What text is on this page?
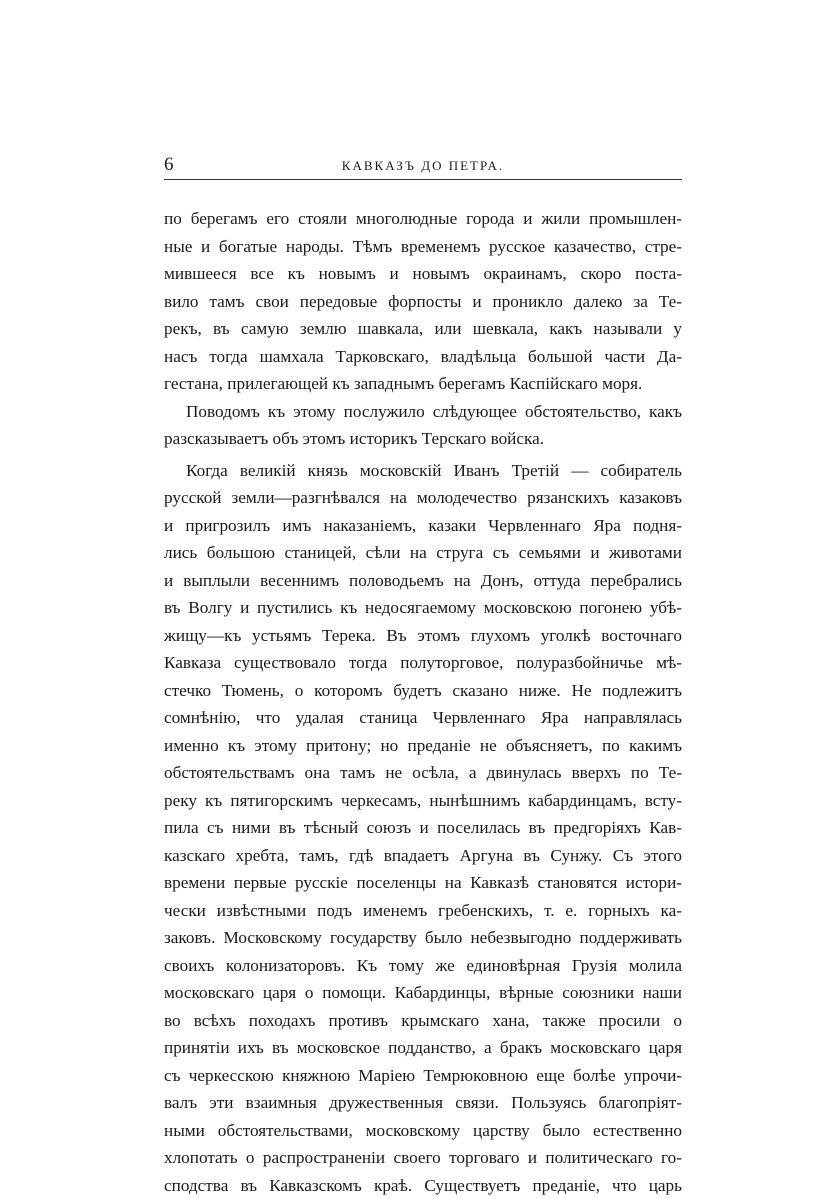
6	КАВКАЗЪ ДО ПЕТРА.
по берегамъ его стояли многолюдные города и жили промышлен-
ные и богатые народы. Тѣмъ временемъ русское казачество, стре-
мившееся все къ новымъ и новымъ окраинамъ, скоро поста-
вило тамъ свои передовые форпосты и проникло далеко за Те-
рекъ, въ самую землю шавкала, или шевкала, какъ называли у
насъ тогда шамхала Тарковскаго, владѣльца большой части Да-
гестана, прилегающей къ западнымъ берегамъ Каспійскаго моря.
Поводомъ къ этому послужило слѣдующее обстоятельство, какъ
разсказываетъ объ этомъ историкъ Терскаго войска.
Когда великій князь московскій Иванъ Третій — собиратель
русской земли—разгнѣвался на молодечество рязанскихъ казаковъ
и пригрозилъ имъ наказаніемъ, казаки Червленнаго Яра подня-
лись большою станицей, сѣли на струга съ семьями и животами
и выплыли весеннимъ половодьемъ на Донъ, оттуда перебрались
въ Волгу и пустились къ недосягаемому московскою погонею убѣ-
жищу—къ устьямъ Терека. Въ этомъ глухомъ уголкѣ восточнаго
Кавказа существовало тогда полуторговое, полуразбойничье мѣ-
стечко Тюмень, о которомъ будетъ сказано ниже. Не подлежитъ
сомнѣнію, что удалая станица Червленнаго Яра направлялась
именно къ этому притону; но преданіе не объясняетъ, по какимъ
обстоятельствамъ она тамъ не осѣла, а двинулась вверхъ по Те-
реку къ пятигорскимъ черкесамъ, нынѣшнимъ кабардинцамъ, всту-
пила съ ними въ тѣсный союзъ и поселилась въ предгоріяхъ Кав-
казскаго хребта, тамъ, гдѣ впадаетъ Аргуна въ Сунжу. Съ этого
времени первые русскіе поселенцы на Кавказѣ становятся истори-
чески извѣстными подъ именемъ гребенскихъ, т. е. горныхъ ка-
заковъ. Московскому государству было небезвыгодно поддерживать
своихъ колонизаторовъ. Къ тому же единовѣрная Грузія молила
московскаго царя о помощи. Кабардинцы, вѣрные союзники наши
во всѣхъ походахъ противъ крымскаго хана, также просили о
принятіи ихъ въ московское подданство, а бракъ московскаго царя
съ черкесскою княжною Маріею Темрюковною еще болѣе упрочи-
валъ эти взаимныя дружественныя связи. Пользуясь благопріят-
ными обстоятельствами, московскому царству было естественно
хлопотать о распространеніи своего торговаго и политическаго го-
сподства въ Кавказскомъ краѣ. Существуетъ преданіе, что царь
